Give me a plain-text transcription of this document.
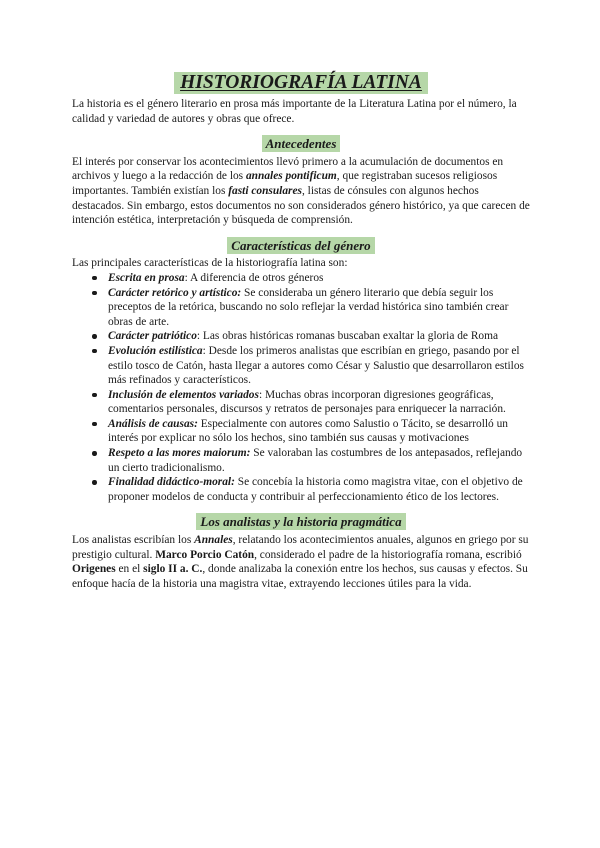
HISTORIOGRAFÍA LATINA

La historia es el género literario en prosa más importante de la Literatura Latina por el número, la calidad y variedad de autores y obras que ofrece.

Antecedentes

El interés por conservar los acontecimientos llevó primero a la acumulación de documentos en archivos y luego a la redacción de los annales pontificum, que registraban sucesos religiosos importantes. También existían los fasti consulares, listas de cónsules con algunos hechos destacados. Sin embargo, estos documentos no son considerados género histórico, ya que carecen de intención estética, interpretación y búsqueda de comprensión.

Características del género

Las principales características de la historiografía latina son:

Escrita en prosa: A diferencia de otros géneros
Carácter retórico y artístico: Se consideraba un género literario que debía seguir los preceptos de la retórica, buscando no solo reflejar la verdad histórica sino también crear obras de arte.
Carácter patriótico: Las obras históricas romanas buscaban exaltar la gloria de Roma
Evolución estilística: Desde los primeros analistas que escribían en griego, pasando por el estilo tosco de Catón, hasta llegar a autores como César y Salustio que desarrollaron estilos más refinados y característicos.
Inclusión de elementos variados: Muchas obras incorporan digresiones geográficas, comentarios personales, discursos y retratos de personajes para enriquecer la narración.
Análisis de causas: Especialmente con autores como Salustio o Tácito, se desarrolló un interés por explicar no sólo los hechos, sino también sus causas y motivaciones
Respeto a las mores maiorum: Se valoraban las costumbres de los antepasados, reflejando un cierto tradicionalismo.
Finalidad didáctico-moral: Se concebía la historia como magistra vitae, con el objetivo de proponer modelos de conducta y contribuir al perfeccionamiento ético de los lectores.
Los analistas y la historia pragmática

Los analistas escribían los Annales, relatando los acontecimientos anuales, algunos en griego por su prestigio cultural. Marco Porcio Catón, considerado el padre de la historiografía romana, escribió Origenes en el siglo II a. C., donde analizaba la conexión entre los hechos, sus causas y efectos. Su enfoque hacía de la historia una magistra vitae, extrayendo lecciones útiles para la vida.
